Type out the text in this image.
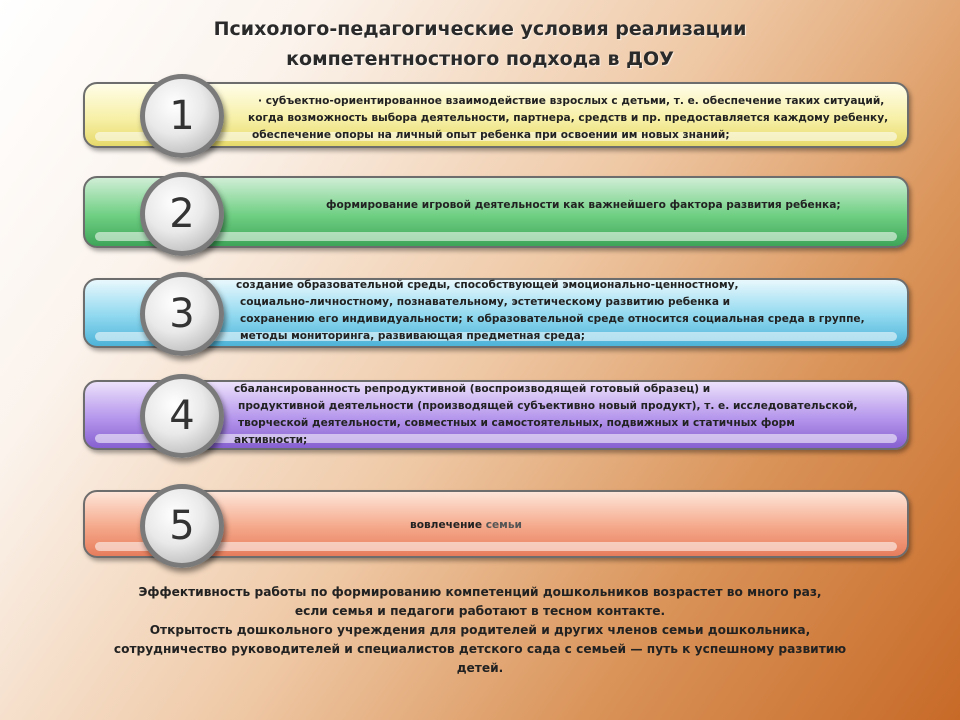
Психолого-педагогические условия реализации
компетентностного подхода в ДОУ
1	· субъектно-ориентированное взаимодействие взрослых с детьми, т. е. обеспечение таких ситуаций,
когда возможность выбора деятельности, партнера, средств и пр. предоставляется каждому ребенку,
обеспечение опоры на личный опыт ребенка при освоении им новых знаний;
2	формирование игровой деятельности как важнейшего фактора развития ребенка;
3
создание образовательной среды, способствующей эмоционально-ценностному,
социально-личностному, познавательному, эстетическому развитию ребенка и
сохранению его индивидуальности; к образовательной среде относится социальная среда в группе,
методы мониторинга, развивающая предметная среда;
4
сбалансированность репродуктивной (воспроизводящей готовый образец) и
продуктивной деятельности (производящей субъективно новый продукт), т. е. исследовательской,
творческой деятельности, совместных и самостоятельных, подвижных и статичных форм
активности;
5	вовлечение семьи
Эффективность работы по формированию компетенций дошкольников возрастет во много раз,
если семья и педагоги работают в тесном контакте.
Открытость дошкольного учреждения для родителей и других членов семьи дошкольника,
сотрудничество руководителей и специалистов детского сада с семьей — путь к успешному развитию
детей.
